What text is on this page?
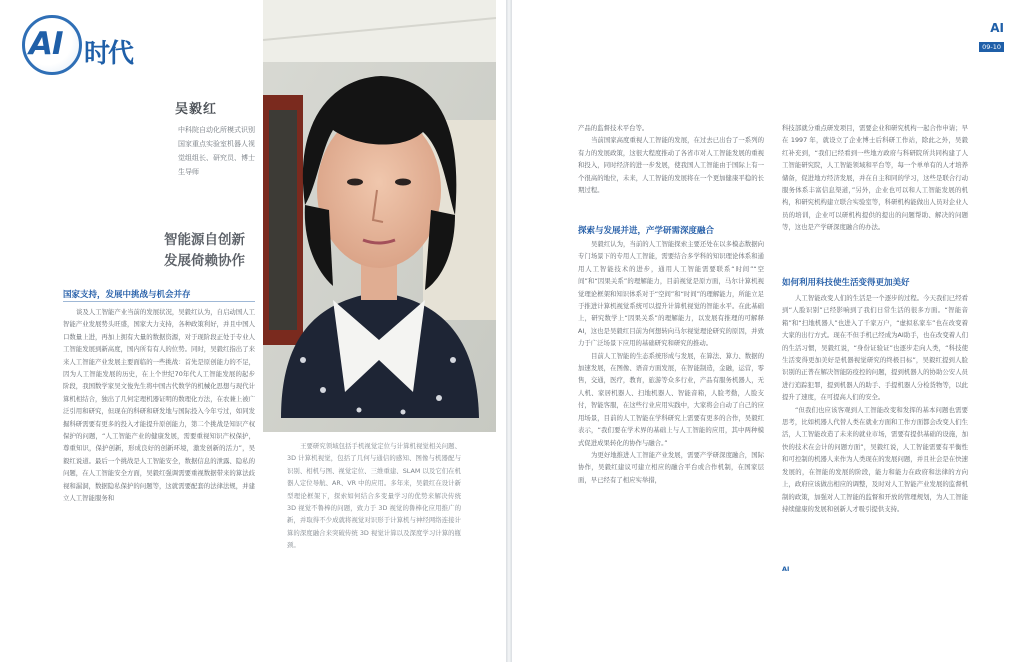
AI 时代
吴毅红
中科院自动化所模式识别国家重点实验室机器人视觉组组长、研究员、博士生导师
智能源自创新
发展倚赖协作
国家支持，发展中挑战与机会并存

谈及人工智能产业当前的发展状况，吴毅红认为，自启动国人工智能产业发展势头旺盛，国家大力支持，各种政策利好，并且中国人口数量上进，再加上拥有大量的数据资源，对于现阶段正处于专业人工智能发展到新高度，国内所有有人的位势。同时，吴毅红指出了来来人工智能产业发展主要面临的一些挑战：首先是原创能力的不足，因为人工智能发展的历史，在上个世纪70年代人工智能发展的起步阶段，我国数学家吴文俊先生将中国古代数学的机械化思想与现代计算机相结合，独出了几何定理机器证明的数理化方法，在农兼上被广泛引用和研究，但现在的科研和研发地与国际投入今年亏过，如同发掘科研需要有更多的投入才能提升原创能力，第二个挑战是知识产权保护的问题，“人工智能产业的健康发展，需要重视知识产权保护，尊重知识，保护创新，形成良好的创新环境，激发创新的活力”，吴毅红说道。最后一个挑战是人工智能安全，数据信息的泄露、隐私的问题，在人工智能安全方面，吴毅红强调需要重视数据带来的算法歧视和漏洞，数据隐私保护的问题等，这就需要配套的法律法规，并建立人工智能服务和

王要研究领域包括手机视觉定位与计算机视觉相关问题、3D 计算机视觉，包括了几何与通信的感知、图像与机器配与识别、相机与图、视觉定位、三维重建、SLAM 以及它们在机器人定位导航、AR、VR 中的应用。多年来，吴毅红在设计新型理论框架下，探索如何结合多变量学习的优势来解决传统 3D 视觉不鲁棒的问题，致力于 3D 视觉的鲁棒化应用推广的新，并取得不少成就将视觉对识形于计算机与神经网络连接计算的深度融合来突破传统 3D 视觉计算以及深度学习计算的瓶颈。

AI
09-10

产品的监督技术平台等。

当前国家高度重视人工智能的发展，在过去已出台了一系列的有力的发展政策，这很大程度推动了各省市对人工智能发展的重视和投入，同时经济的进一步发展，使我国人工智能由于国际上有一个很高的地位，未来，人工智能的发展将在一个更加健康平稳的长期过程。

探索与发展并进，产学研需深度融合

吴毅红认为，当前的人工智能探索主要还处在以多模态数据向专门场景下的专用人工智能，需要结合多学科的知识理论体系和通用人工智能技术的进步，通用人工智能需要联系“时间”“空间”和“因果关系”的理解能力，目前视觉是原方面，马尔计算机视觉理论框架和知识体系对于“空间”和“时间”的理解能力，所能立足于推进计算机视觉系统可以提升计算机视觉的智能水平。在此基础上，研究数学上“因果关系”的理解能力，以发展有推理的可解释AI，这也是吴毅红目前为何想转向马尔视觉理论研究的原因，并致力于广泛场景下应用的基础研究和研究的推动。

目前人工智能的生态系统形成与发展，在算法、算力、数据的加速发展，在图像、语音方面发展，在智能制造，金融，运营，零售，交通，医疗，教育，旅游等众多行业，产品有服务机器人，无人机、家居机器人、扫地机器人、智能音箱，人脸考勤，人脸支付，智能客服，在这些行业应用实践中，大家将会自动了自己的应用场景，目前的人工智能在学科研究上需要有更多的合作，吴毅红表示，“我们要在学术界的基础上与人工智能的应用，其中两种模式促进成果转化的协作与融合。”

为更好地推进人工智能产业发展，需要产学研深度融合，国际协作，吴毅红建议可建立相应的融合平台或合作机制，在国家层面，早已经有了相应实举措，

科技部就分重点研发项目，需要企业和研究机构一起合作申请；早在 1997 年，就设立了企业博士后科研工作站，除此之外，吴毅红补充到，“我们已经看到一些地方政府与科研院所共同构建了人工智能研究院，人工智能领域和平台等，每一个单单有的人才培养储备，促进地方经济发展，并在自主和同的学习，这些是联合行动服务体系丰富信息渠道，”另外，企业也可以和人工智能发展的机构，和研究机构建立联合实验室等，科研机构能做出人员对企业人员的培训，企业可以研机构提供的提出的问题帮助、解决的问题等，这也是产学研深度融合的办法。

如何利用科技使生活变得更加美好

人工智能改变人们的生活是一个逐步的过程。今天我们已经看到“人脸识别”已经影响到了我们日常生活的很多方面。“智能音箱”和“扫地机器人”也进入了千家万户，“虚拟私家车”也在改变着大家的出行方式。现在不但手机已经成为AI助手，也在改变着人们的生活习惯，吴毅红说，“身份证验证”也逐步走向人类，“科技使生活变得更加美好是机器视觉研究的终极目标”，吴毅红提到人脸识别的正普在解决智能防疫控的问题，提到机器人的协助公安人员进行追踪犯罪，提到机器人的助手、手提机器人分检货物等，以此提升了速度，在可提高人们的安全。

“但我们也应该客观到人工智能改变和发挥的基本问题也需要思考，比如机器人代替人类在就业方面和工作方面都会改变人们生活，人工智能改造了未来的就业市场，需要有提供基础的设施，加快的技术在会计的问题方面”，吴毅红说，人工智能需要有平衡性和可控制的机器人来作为人类现在的发展问题，并且社会是在快速发展的，在智能的发展的阶段，能力和能力在政府和法律的方向上，政府应该做出相应的调整，及时对人工智能产业发展的监督机制的政策，加强对人工智能的监督和开放的管理规划，为人工智能持续健康的发展和创新人才吸引提供支持。

AI
